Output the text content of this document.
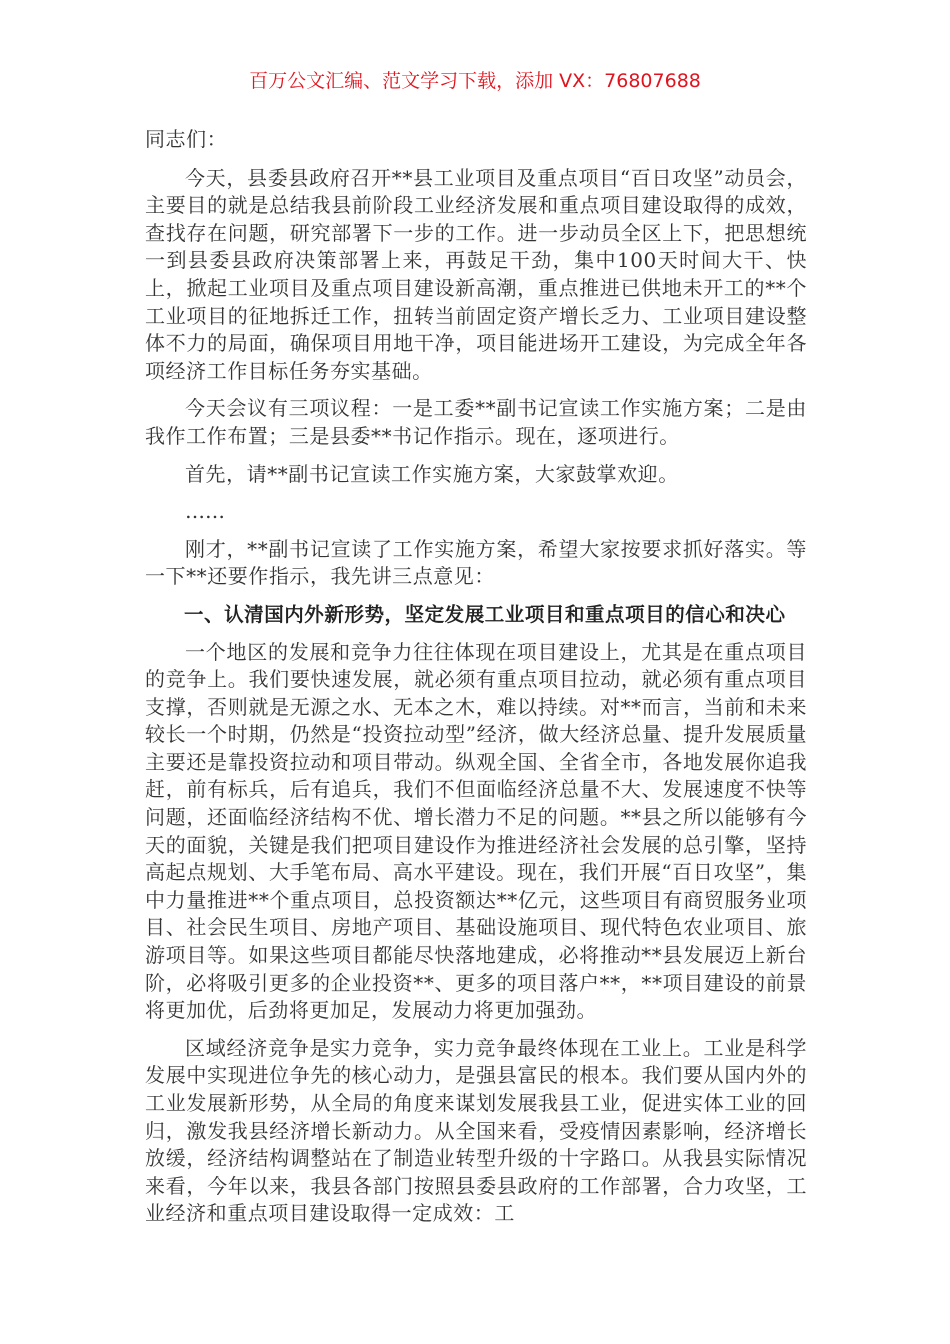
百万公文汇编、范文学习下载，添加 VX：76807688

同志们：

今天，县委县政府召开**县工业项目及重点项目“百日攻坚”动员会，主要目的就是总结我县前阶段工业经济发展和重点项目建设取得的成效，查找存在问题，研究部署下一步的工作。进一步动员全区上下，把思想统一到县委县政府决策部署上来，再鼓足干劲，集中100天时间大干、快上，掀起工业项目及重点项目建设新高潮，重点推进已供地未开工的**个工业项目的征地拆迁工作，扭转当前固定资产增长乏力、工业项目建设整体不力的局面，确保项目用地干净，项目能进场开工建设，为完成全年各项经济工作目标任务夯实基础。

今天会议有三项议程：一是工委**副书记宣读工作实施方案；二是由我作工作布置；三是县委**书记作指示。现在，逐项进行。

首先，请**副书记宣读工作实施方案，大家鼓掌欢迎。

……

刚才，**副书记宣读了工作实施方案，希望大家按要求抓好落实。等一下**还要作指示，我先讲三点意见：

一、认清国内外新形势，坚定发展工业项目和重点项目的信心和决心

一个地区的发展和竞争力往往体现在项目建设上，尤其是在重点项目的竞争上。我们要快速发展，就必须有重点项目拉动，就必须有重点项目支撑，否则就是无源之水、无本之木，难以持续。对**而言，当前和未来较长一个时期，仍然是“投资拉动型”经济，做大经济总量、提升发展质量主要还是靠投资拉动和项目带动。纵观全国、全省全市，各地发展你追我赶，前有标兵，后有追兵，我们不但面临经济总量不大、发展速度不快等问题，还面临经济结构不优、增长潜力不足的问题。**县之所以能够有今天的面貌，关键是我们把项目建设作为推进经济社会发展的总引擎，坚持高起点规划、大手笔布局、高水平建设。现在，我们开展“百日攻坚”，集中力量推进**个重点项目，总投资额达**亿元，这些项目有商贸服务业项目、社会民生项目、房地产项目、基础设施项目、现代特色农业项目、旅游项目等。如果这些项目都能尽快落地建成，必将推动**县发展迈上新台阶，必将吸引更多的企业投资**、更多的项目落户**，**项目建设的前景将更加优，后劲将更加足，发展动力将更加强劲。

区域经济竞争是实力竞争，实力竞争最终体现在工业上。工业是科学发展中实现进位争先的核心动力，是强县富民的根本。我们要从国内外的工业发展新形势，从全局的角度来谋划发展我县工业，促进实体工业的回归，激发我县经济增长新动力。从全国来看，受疫情因素影响，经济增长放缓，经济结构调整站在了制造业转型升级的十字路口。从我县实际情况来看，今年以来，我县各部门按照县委县政府的工作部署，合力攻坚，工业经济和重点项目建设取得一定成效：工
